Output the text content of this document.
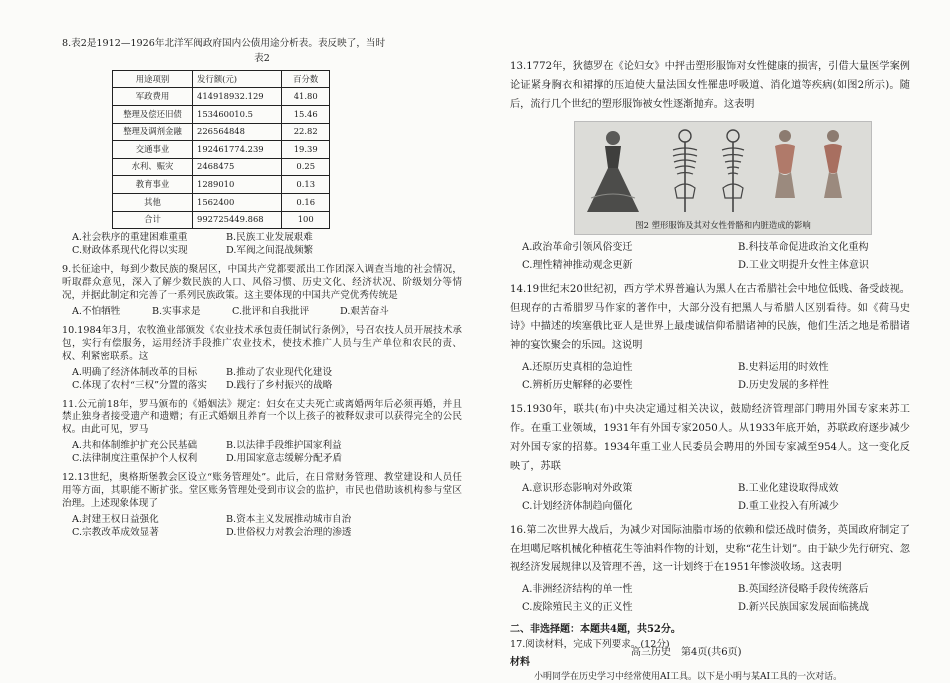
8.表2是1912—1926年北洋军阀政府国内公债用途分析表。表反映了，当时

表2
用途项别	发行额(元)	百分数
军政费用	414918932.129	41.80
整理及偿还旧债	153460010.5	15.46
整理及调剂金融	226564848	22.82
交通事业	192461774.239	19.39
水利、赈灾	2468475	0.25
教育事业	1289010	0.13
其他	1562400	0.16
合计	992725449.868	100
A.社会秩序的重建困难重重	B.民族工业发展艰难
C.财政体系现代化得以实现	D.军阀之间混战频繁

9.长征途中，每到少数民族的聚居区，中国共产党都要派出工作团深入调查当地的社会情况，听取群众意见，深入了解少数民族的人口、风俗习惯、历史文化、经济状况、阶级划分等情况，并据此制定和完善了一系列民族政策。这主要体现的中国共产党优秀传统是

A.不怕牺牲	B.实事求是	C.批评和自我批评	D.艰苦奋斗

10.1984年3月，农牧渔业部颁发《农业技术承包责任制试行条例》，号召农技人员开展技术承包，实行有偿服务，运用经济手段推广农业技术，使技术推广人员与生产单位和农民的责、权、利紧密联系。这

A.明确了经济体制改革的目标	B.推动了农业现代化建设
C.体现了农村“三权”分置的落实	D.践行了乡村振兴的战略

11.公元前18年，罗马颁布的《婚姻法》规定：妇女在丈夫死亡或离婚两年后必须再婚，并且禁止独身者接受遗产和遗赠；有正式婚姻且养育一个以上孩子的被释奴隶可以获得完全的公民权。由此可见，罗马

A.共和体制维护扩充公民基础	B.以法律手段维护国家利益
C.法律制度注重保护个人权利	D.用国家意志缓解分配矛盾

12.13世纪，奥格斯堡教会区设立“账务管理处”。此后，在日常财务管理、教堂建设和人员任用等方面，其职能不断扩张。堂区账务管理处受到市议会的监护，市民也借助该机构参与堂区治理。上述现象体现了

A.封建王权日益强化	B.资本主义发展推动城市自治
C.宗教改革成效显著	D.世俗权力对教会治理的渗透

13.1772年，狄德罗在《论妇女》中抨击塑形服饰对女性健康的损害，引借大量医学案例论证紧身胸衣和裙撑的压迫使大量法国女性罹患呼吸道、消化道等疾病(如图2所示)。随后，流行几个世纪的塑形服饰被女性逐渐抛弃。这表明

图2 塑形服饰及其对女性骨骼和内脏造成的影响
A.政治革命引领风俗变迁	B.科技革命促进政治文化重构
C.理性精神推动观念更新	D.工业文明提升女性主体意识

14.19世纪末20世纪初，西方学术界普遍认为黑人在古希腊社会中地位低贱、备受歧视。但现存的古希腊罗马作家的著作中，大部分没有把黑人与希腊人区别看待。如《荷马史诗》中描述的埃塞俄比亚人是世界上最虔诚信仰希腊诸神的民族，他们生活之地是希腊诸神的宴饮聚会的乐园。这说明

A.还原历史真相的急迫性	B.史料运用的时效性
C.辨析历史解释的必要性	D.历史发展的多样性

15.1930年，联共(布)中央决定通过相关决议，鼓励经济管理部门聘用外国专家来苏工作。在重工业领域，1931年有外国专家2050人。从1933年底开始，苏联政府逐步减少对外国专家的招募。1934年重工业人民委员会聘用的外国专家减至954人。这一变化反映了，苏联

A.意识形态影响对外政策	B.工业化建设取得成效
C.计划经济体制趋向僵化	D.重工业投入有所减少

16.第二次世界大战后，为减少对国际油脂市场的依赖和偿还战时债务，英国政府制定了在坦噶尼喀机械化种植花生等油料作物的计划，史称“花生计划”。由于缺少先行研究、忽视经济发展规律以及管理不善，这一计划终于在1951年惨淡收场。这表明

A.非洲经济结构的单一性	B.英国经济侵略手段传统落后
C.废除殖民主义的正义性	D.新兴民族国家发展面临挑战
二、非选择题：本题共4题，共52分。
17.阅读材料，完成下列要求。(12分)
材料
小明同学在历史学习中经常使用AI工具。以下是小明与某AI工具的一次对话。
高三历史　第4页(共6页)
